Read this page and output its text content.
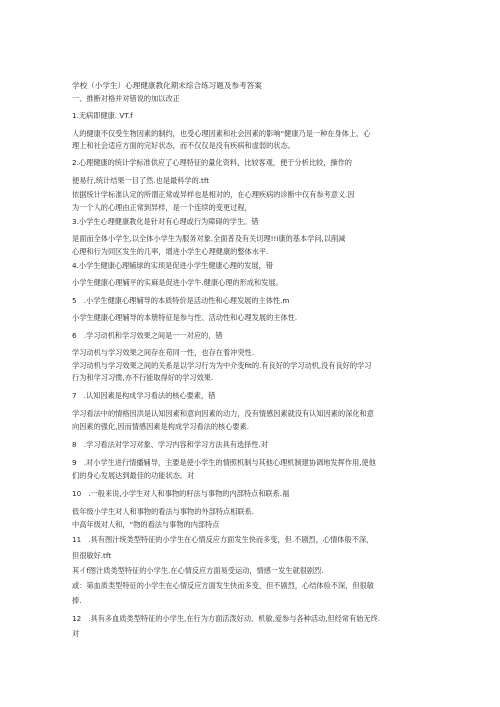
学校（小学生）心理健康教化期末综合练习题及参考答案
一、推断对格并对错说的加以改正
1.无病即健康. VT.f
人的健康不仅受生物因素的制约，也受心理因素和社会因素的影响“健康乃是一种在身体上、心
理上和社会适应方面的完好状态，而不仅仅是没有疾病和虚弱的状态。
2.心理健康的统计学标准供应了心理特征的量化资料，比较客观，便于分析比较，操作的
便易行,统计结果一目了然.也是最科学的.tft
依据统计学标准认定的所谓正常或异样也是相对的，在心理疾病的诊断中仅有参考意义.因
为一个人的心理由正常到异样，是一个连续的变更过程，
3.小学生心理健康教化是针对有心理或行为障碍的学生。错
是面而全体小学生,以全体小学生为服务对象.全面普及有关切理!!i康的基本学问,以削减
心理和行为同区发生的几率，增进小学生心理健康的整体水平.
4.小学生健康心理辅球的实顼是促进小学生健康心理的发展，错
小学生健康心理辅平的实麻是促进小学牛.健康心理的形成和发展。
5　.小学生健康心理辅导的本质特价是活动性和心理发展的主体性.m
小学生健康心理辅导的本册特征是参与性、活动性和心理发展的主体性.
6　.学习动机和学习效果之间是一一对应的，错
学习动机与学习效果之间存在苟同一性，也存在着冲突性.
学习动机与学习效果之间的关系是以学习行为为中介变fit的.有良好的学习动机,没有良好的学习
行为和学习习惯,亦不行能取得好的学习效果.
7　.认知因素是构成学习看法的核心要素，错
学习看法中的情格因洪是认知因素和意向因素的动力，没有情感因素就没有认知因素的深化和意
向因素的强化,因而情感因素是构成学习看法的核心要素.
8　.学习看法对学习对象、学习内容和学习方法具有选择性.对
9　.对小学生进行情播辅导，主要是使小学生的情照机制与其他心理机制建协调地发挥作用,使他
们的身心发展达到最佳的功能状态。对
10　.一般来说,小学生对人和事物的籽法与事物的内部特点和联系.福
低年级小学生对人和事物的看法与事物的外部特点相联系.
中高年级对人和，“物的看法与事物的内部特点
11　.具有图汁统类型特征的小学生在心情反应方面发生快而多变，但.不剧烈，心情体般不深，
但很敏好.tft
其イf图汁质类型特征的小学生.在心情反应方面易受运动，情感一发生就很剧烈.
或：第血质类型特征的小学生在心情反应方面发生快而多变，但不剧烈，心结体验不深，但很敏
捧.
12　.具有多血质类型特征的小学生,在行为方面活泼好动、机敏,爱参与各种活动,但经常有始无终.
对
